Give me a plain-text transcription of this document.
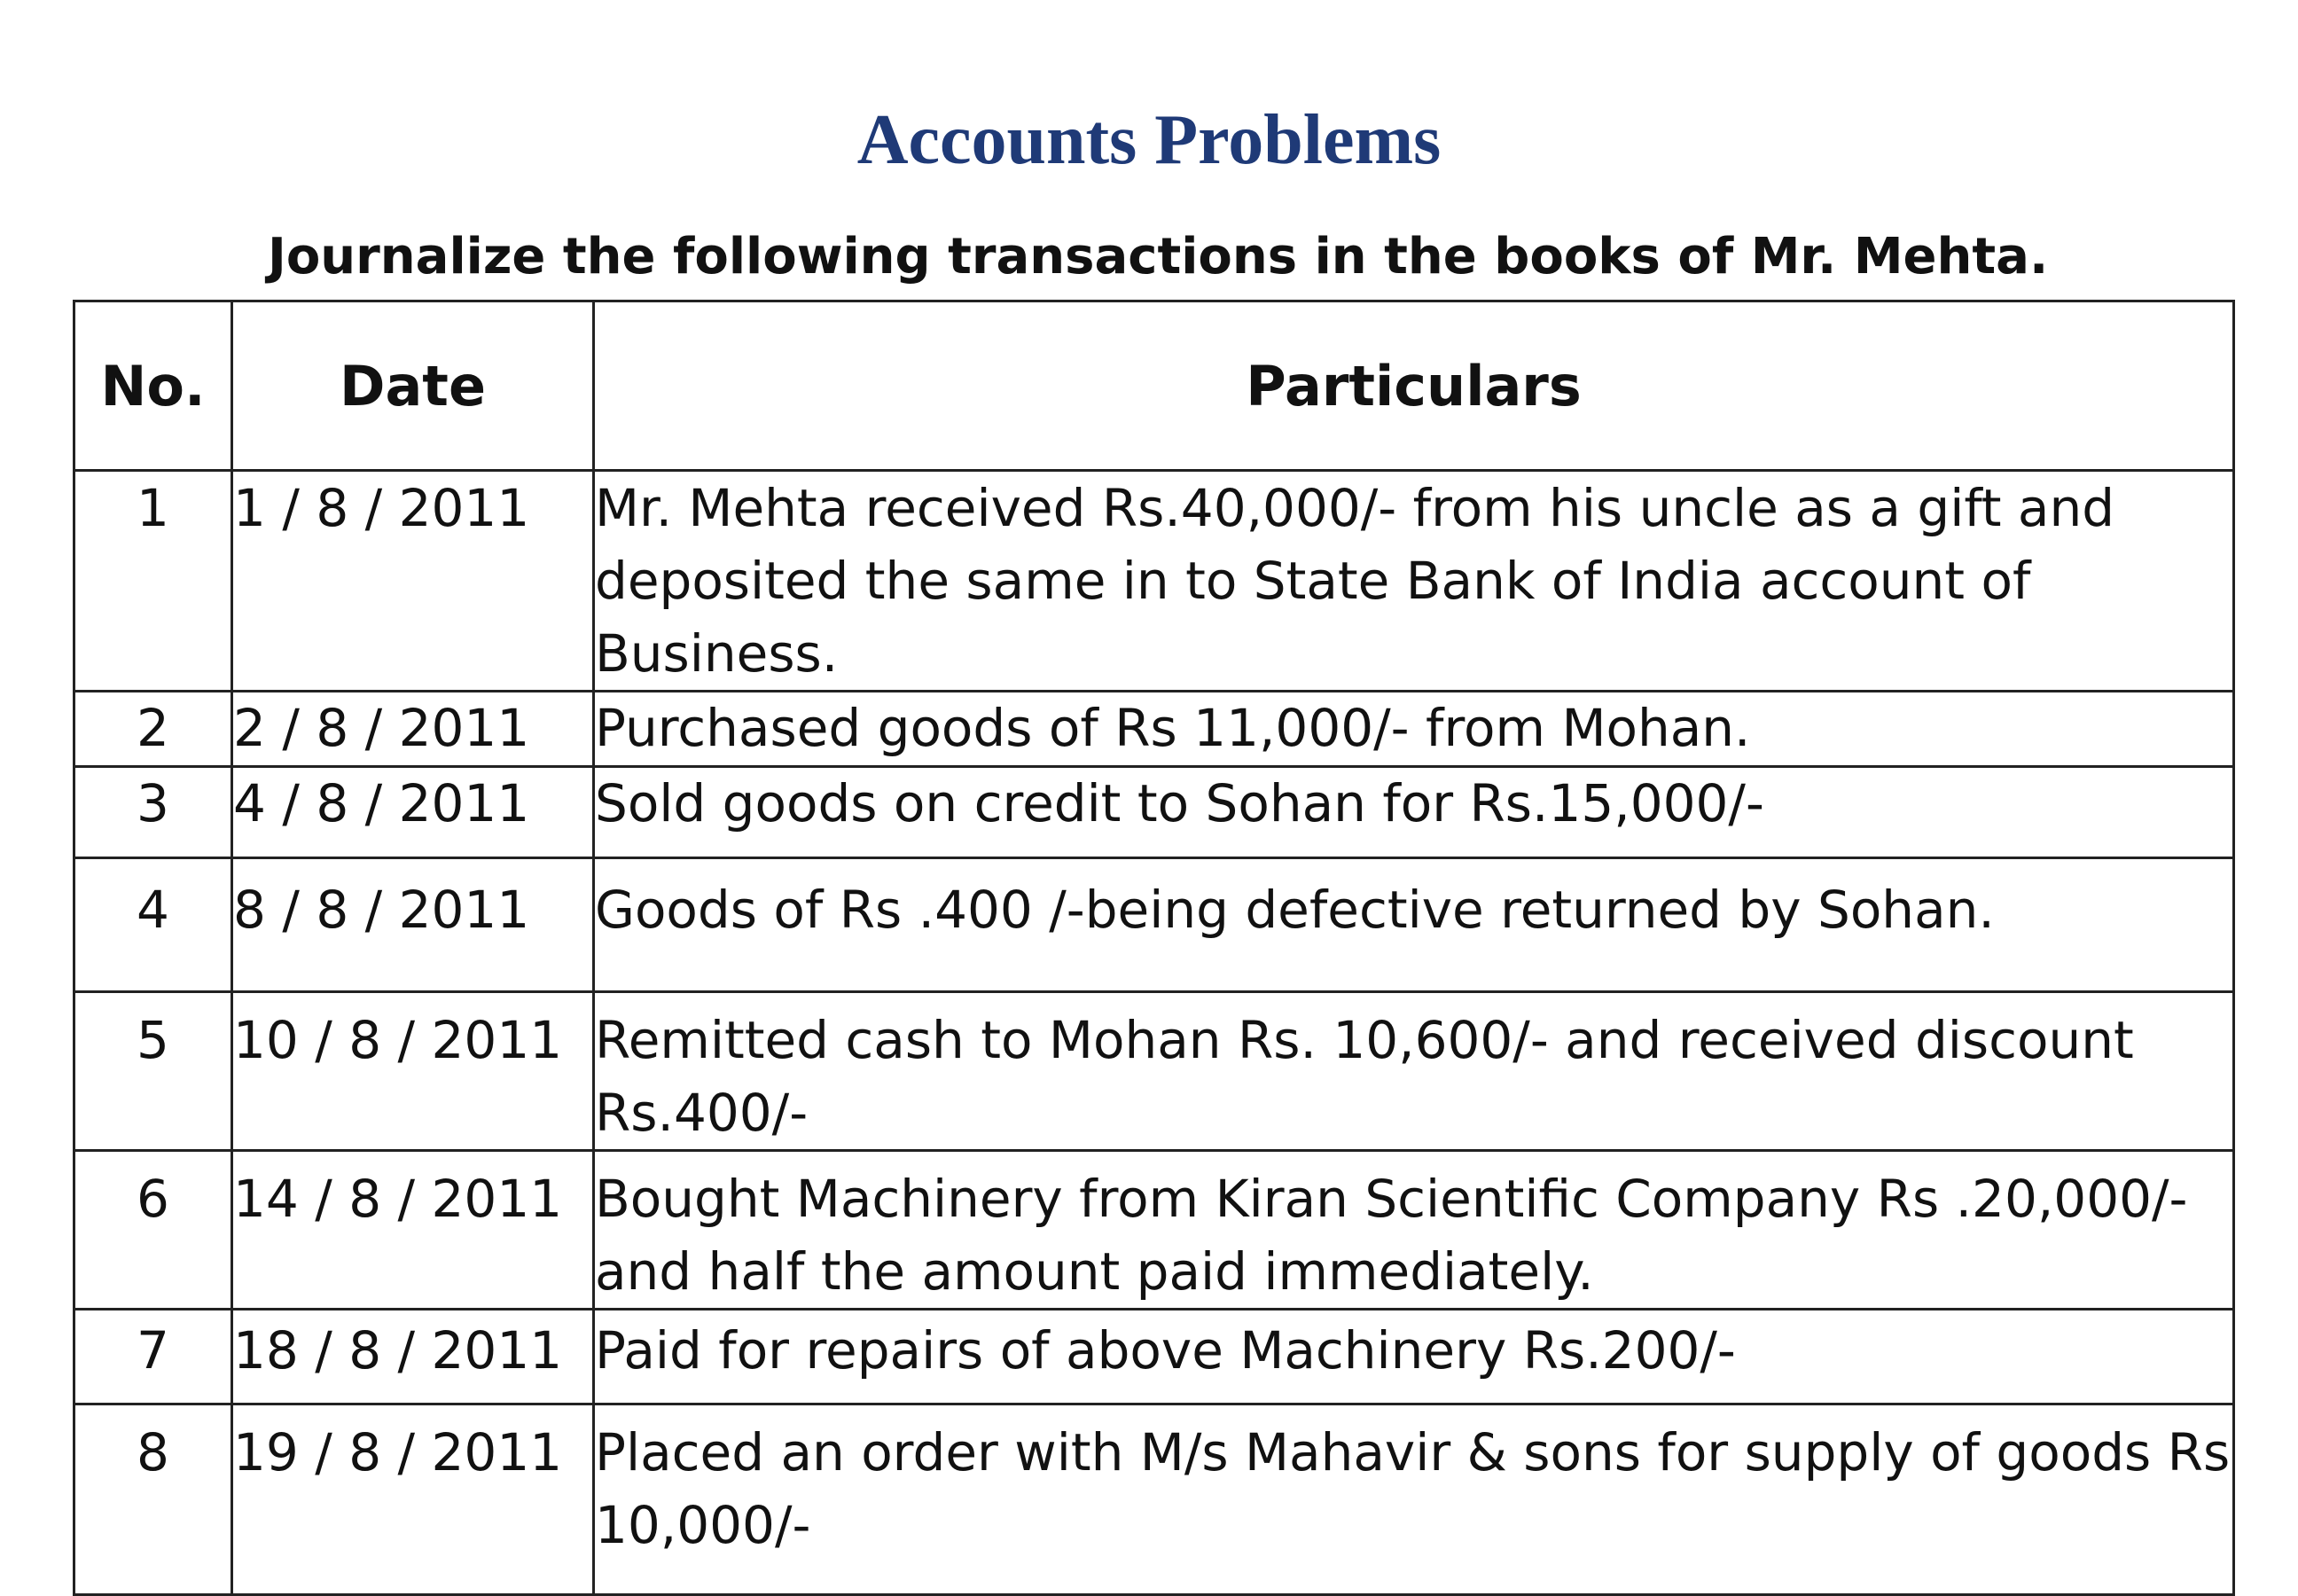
Accounts Problems
Journalize the following transactions in the books of Mr. Mehta.
No.	Date	Particulars
1	1 / 8 / 2011	Mr. Mehta received Rs.40,000/- from his uncle as a gift and deposited the same in to State Bank of India account of Business.
2	2 / 8 / 2011	Purchased goods of Rs 11,000/- from Mohan.
3	4 / 8 / 2011	Sold goods on credit to Sohan for Rs.15,000/-
4	8 / 8 / 2011	Goods of Rs .400 /-being defective returned by Sohan.
5	10 / 8 / 2011	Remitted cash to Mohan Rs. 10,600/- and received discount Rs.400/-
6	14 / 8 / 2011	Bought Machinery from Kiran Scientific Company Rs .20,000/- and half the amount paid immediately.
7	18 / 8 / 2011	Paid for repairs of above Machinery Rs.200/-
8	19 / 8 / 2011	Placed an order with M/s Mahavir & sons for supply of goods Rs 10,000/-
